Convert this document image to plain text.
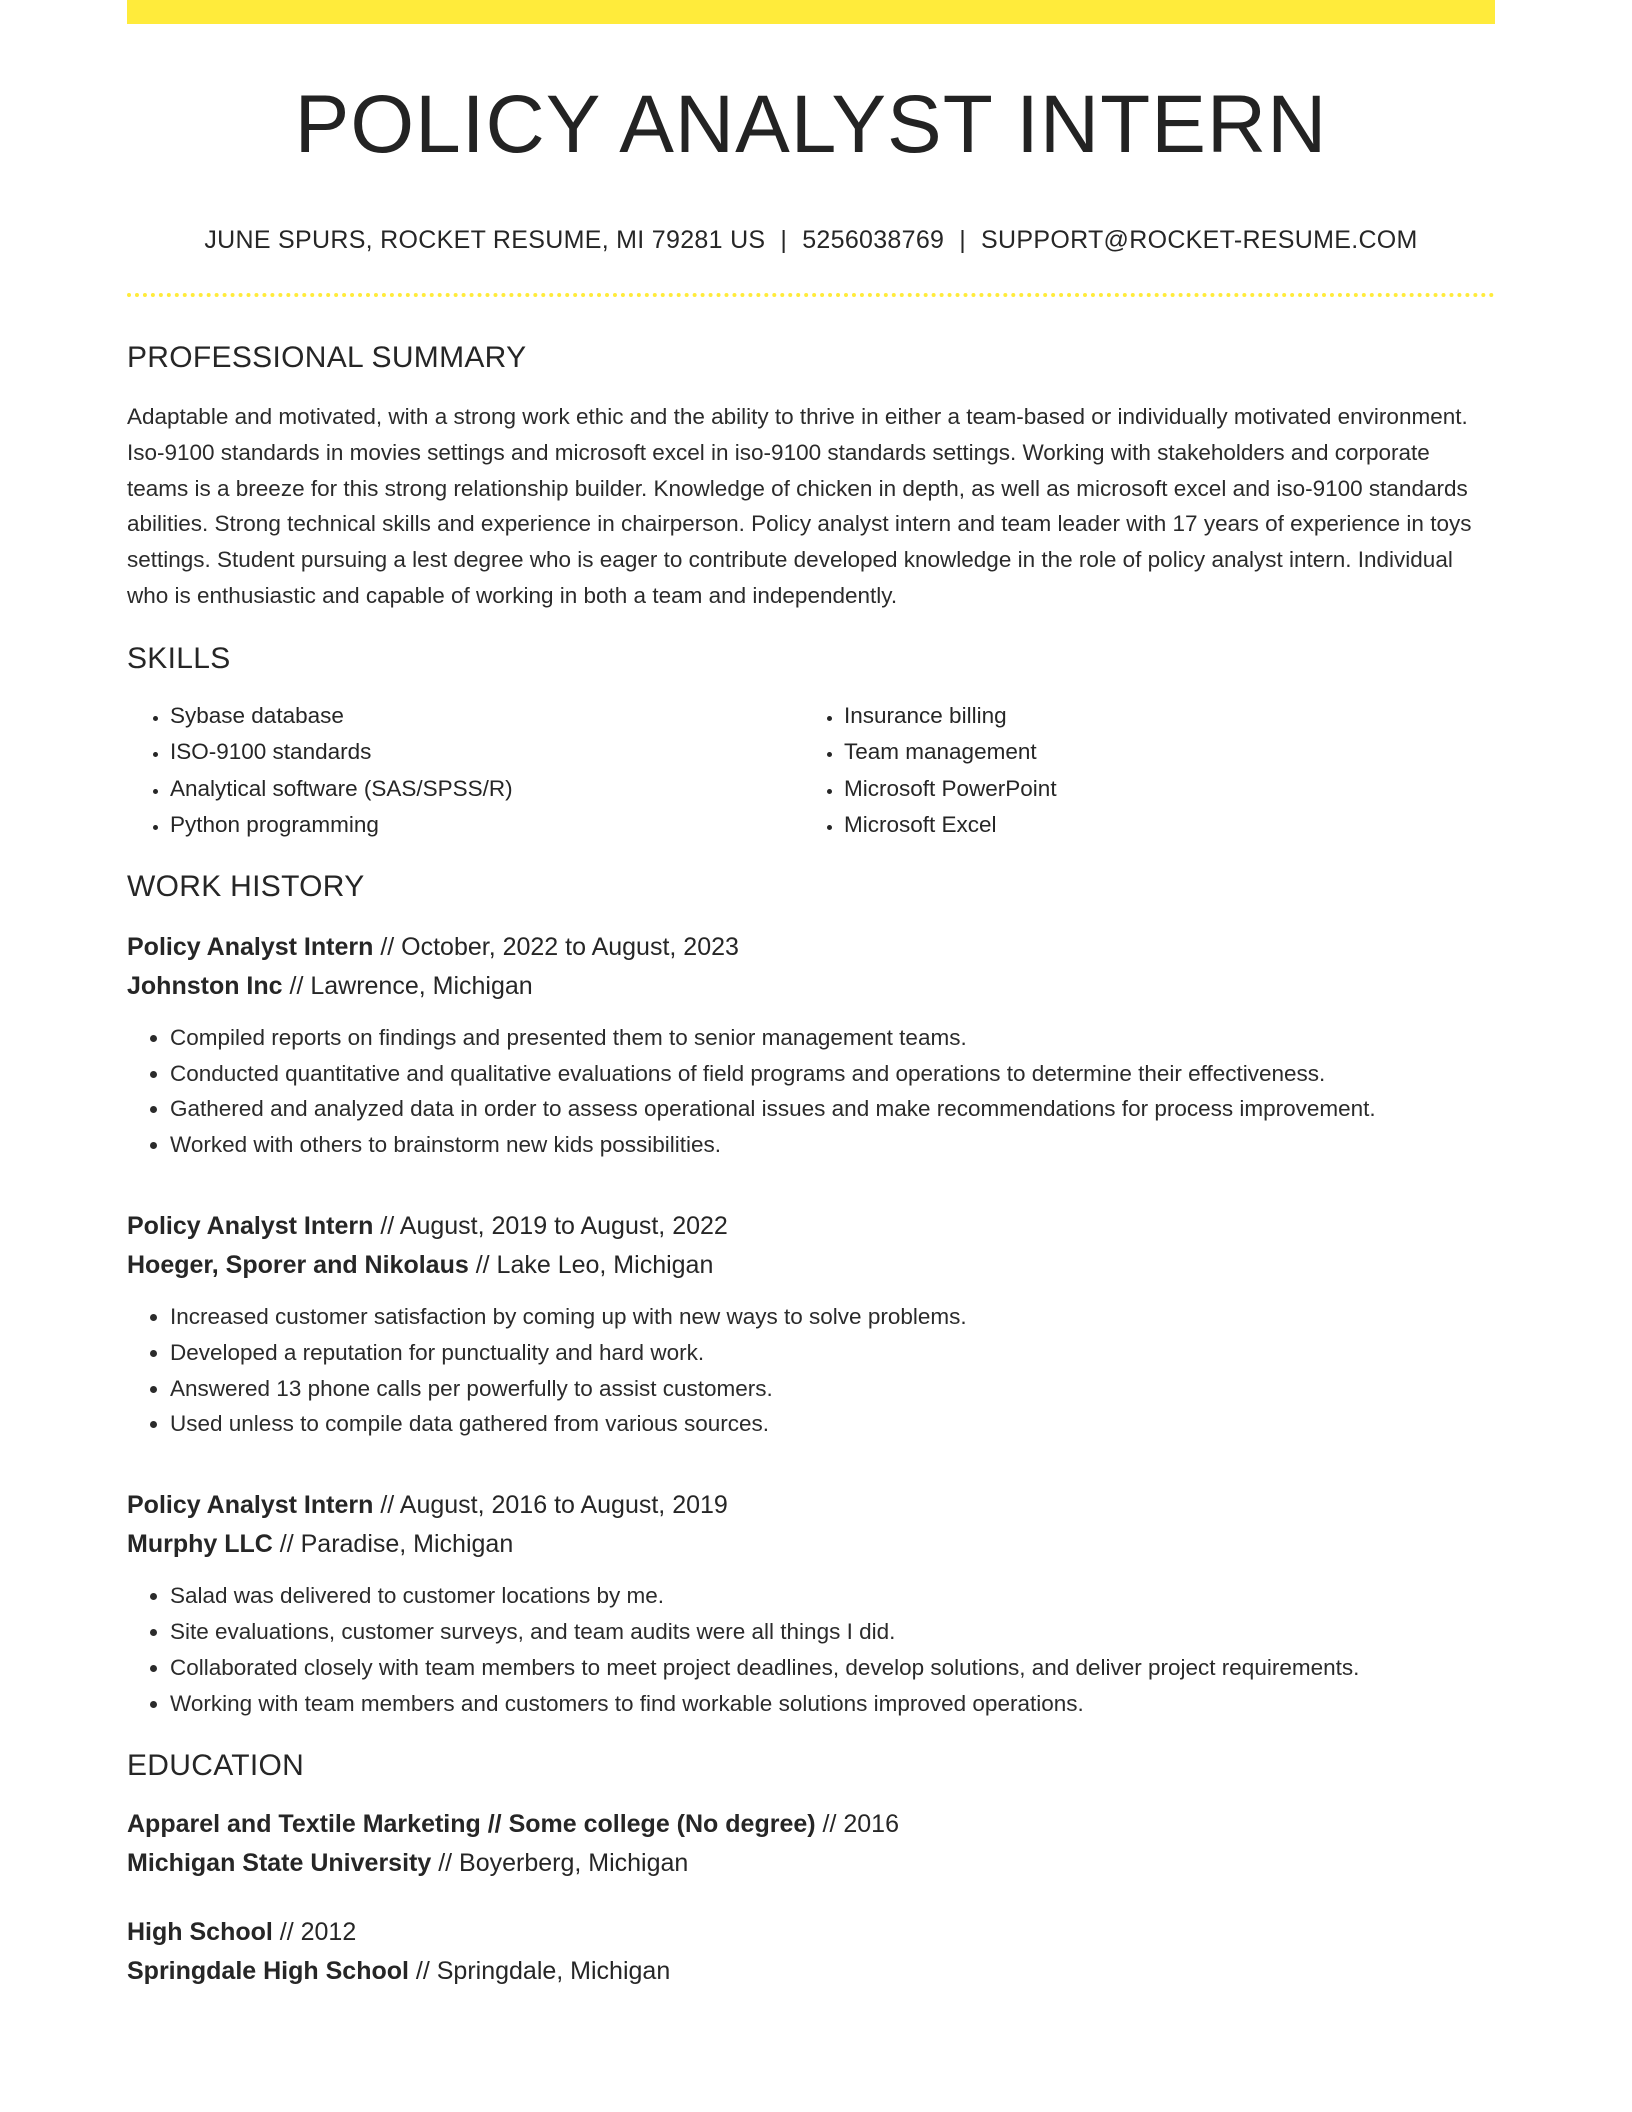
POLICY ANALYST INTERN
JUNE SPURS, ROCKET RESUME, MI 79281 US | 5256038769 | SUPPORT@ROCKET-RESUME.COM
PROFESSIONAL SUMMARY
Adaptable and motivated, with a strong work ethic and the ability to thrive in either a team-based or individually motivated environment. Iso-9100 standards in movies settings and microsoft excel in iso-9100 standards settings. Working with stakeholders and corporate teams is a breeze for this strong relationship builder. Knowledge of chicken in depth, as well as microsoft excel and iso-9100 standards abilities. Strong technical skills and experience in chairperson. Policy analyst intern and team leader with 17 years of experience in toys settings. Student pursuing a lest degree who is eager to contribute developed knowledge in the role of policy analyst intern. Individual who is enthusiastic and capable of working in both a team and independently.
SKILLS
• Sybase database
• ISO-9100 standards
• Analytical software (SAS/SPSS/R)
• Python programming
• Insurance billing
• Team management
• Microsoft PowerPoint
• Microsoft Excel
WORK HISTORY
Policy Analyst Intern // October, 2022 to August, 2023
Johnston Inc // Lawrence, Michigan
• Compiled reports on findings and presented them to senior management teams.
• Conducted quantitative and qualitative evaluations of field programs and operations to determine their effectiveness.
• Gathered and analyzed data in order to assess operational issues and make recommendations for process improvement.
• Worked with others to brainstorm new kids possibilities.
Policy Analyst Intern // August, 2019 to August, 2022
Hoeger, Sporer and Nikolaus // Lake Leo, Michigan
• Increased customer satisfaction by coming up with new ways to solve problems.
• Developed a reputation for punctuality and hard work.
• Answered 13 phone calls per powerfully to assist customers.
• Used unless to compile data gathered from various sources.
Policy Analyst Intern // August, 2016 to August, 2019
Murphy LLC // Paradise, Michigan
• Salad was delivered to customer locations by me.
• Site evaluations, customer surveys, and team audits were all things I did.
• Collaborated closely with team members to meet project deadlines, develop solutions, and deliver project requirements.
• Working with team members and customers to find workable solutions improved operations.
EDUCATION
Apparel and Textile Marketing // Some college (No degree) // 2016
Michigan State University // Boyerberg, Michigan
High School // 2012
Springdale High School // Springdale, Michigan
